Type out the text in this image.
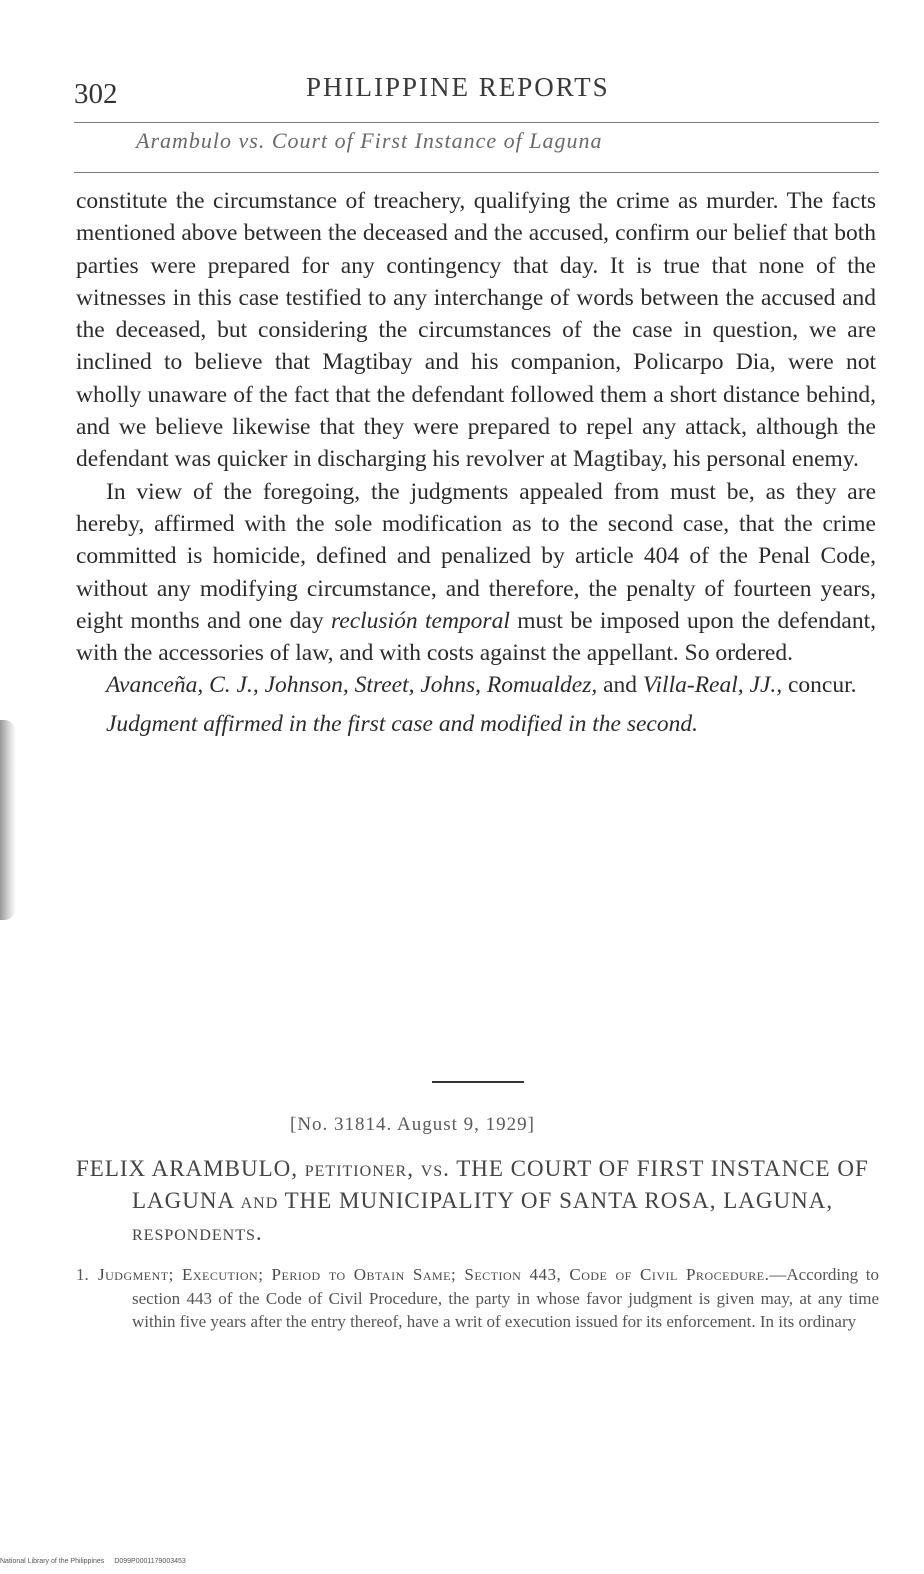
302	PHILIPPINE REPORTS
Arambulo vs. Court of First Instance of Laguna

constitute the circumstance of treachery, qualifying the crime as murder. The facts mentioned above between the deceased and the accused, confirm our belief that both parties were prepared for any contingency that day. It is true that none of the witnesses in this case testified to any interchange of words between the accused and the deceased, but considering the circumstances of the case in question, we are inclined to believe that Magtibay and his companion, Policarpo Dia, were not wholly unaware of the fact that the defendant followed them a short distance behind, and we believe likewise that they were prepared to repel any attack, although the defendant was quicker in discharging his revolver at Magtibay, his personal enemy.

In view of the foregoing, the judgments appealed from must be, as they are hereby, affirmed with the sole modification as to the second case, that the crime committed is homicide, defined and penalized by article 404 of the Penal Code, without any modifying circumstance, and therefore, the penalty of fourteen years, eight months and one day reclusión temporal must be imposed upon the defendant, with the accessories of law, and with costs against the appellant. So ordered.

Avanceña, C. J., Johnson, Street, Johns, Romualdez, and Villa-Real, JJ., concur.

Judgment affirmed in the first case and modified in the second.

[No. 31814. August 9, 1929]
FELIX ARAMBULO, petitioner, vs. THE COURT OF FIRST INSTANCE OF LAGUNA and THE MUNICIPALITY OF SANTA ROSA, LAGUNA, respondents.
1. Judgment; Execution; Period to Obtain Same; Section 443, Code of Civil Procedure.—According to section 443 of the Code of Civil Procedure, the party in whose favor judgment is given may, at any time within five years after the entry thereof, have a writ of execution issued for its enforcement. In its ordinary
National Library of the Philippines D099P0001179003453
